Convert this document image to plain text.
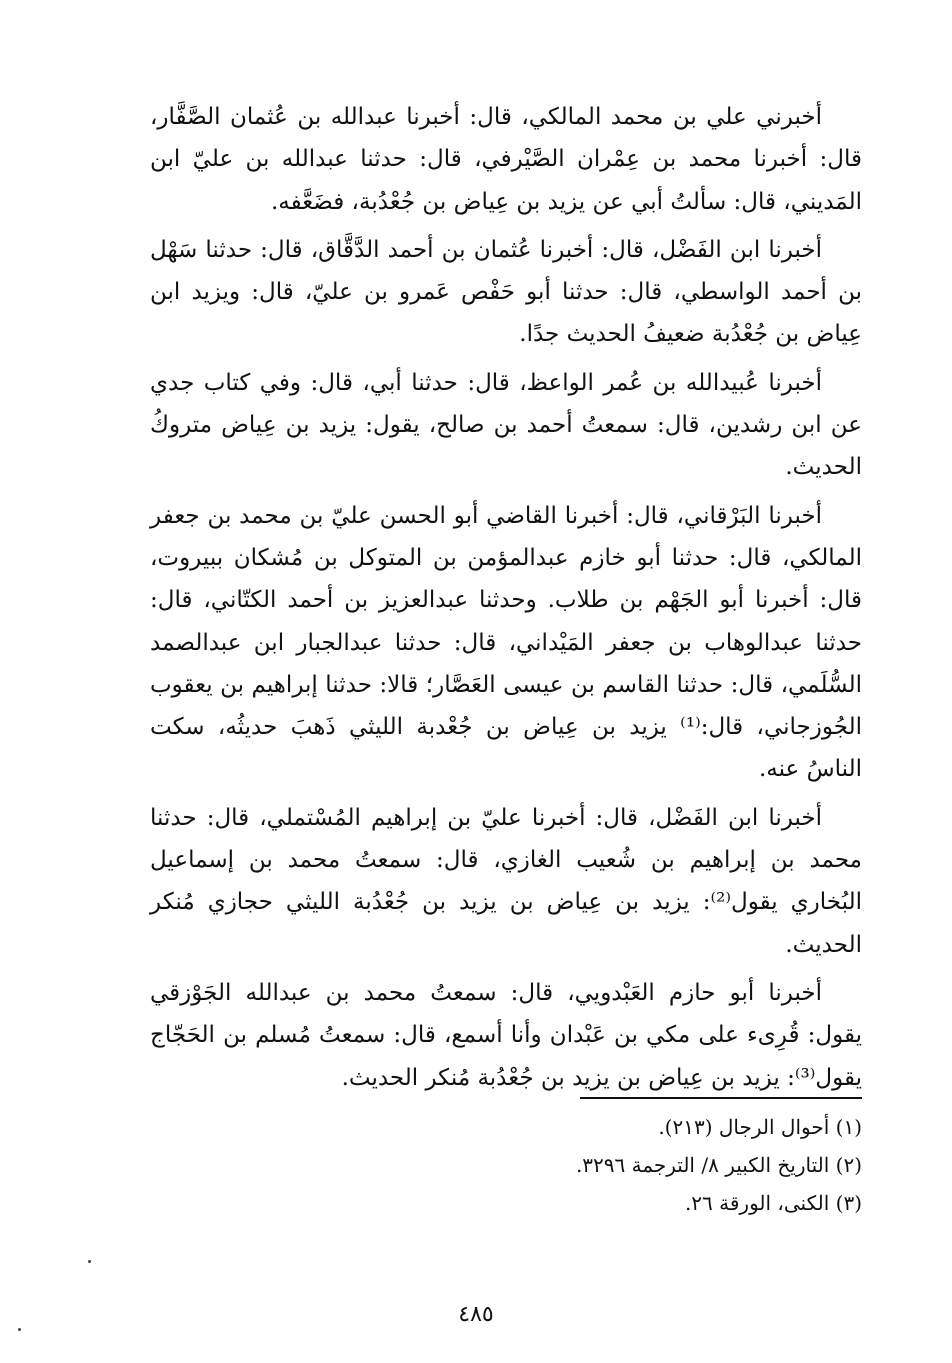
أخبرني علي بن محمد المالكي، قال: أخبرنا عبدالله بن عُثمان الصَّفَّار، قال: أخبرنا محمد بن عِمْران الصَّيْرفي، قال: حدثنا عبدالله بن عليّ ابن المَديني، قال: سألتُ أبي عن يزيد بن عِياض بن جُعْدُبة، فضَعَّفه.

أخبرنا ابن الفَضْل، قال: أخبرنا عُثمان بن أحمد الدَّقَّاق، قال: حدثنا سَهْل بن أحمد الواسطي، قال: حدثنا أبو حَفْص عَمرو بن عليّ، قال: ويزيد ابن عِياض بن جُعْدُبة ضعيفُ الحديث جدًا.

أخبرنا عُبيدالله بن عُمر الواعظ، قال: حدثنا أبي، قال: وفي كتاب جدي عن ابن رشدين، قال: سمعتُ أحمد بن صالح، يقول: يزيد بن عِياض متروكُ الحديث.

أخبرنا البَرْقاني، قال: أخبرنا القاضي أبو الحسن عليّ بن محمد بن جعفر المالكي، قال: حدثنا أبو خازم عبدالمؤمن بن المتوكل بن مُشكان ببيروت، قال: أخبرنا أبو الجَهْم بن طلاب. وحدثنا عبدالعزيز بن أحمد الكتّاني، قال: حدثنا عبدالوهاب بن جعفر المَيْداني، قال: حدثنا عبدالجبار ابن عبدالصمد السُّلَمي، قال: حدثنا القاسم بن عيسى العَصَّار؛ قالا: حدثنا إبراهيم بن يعقوب الجُوزجاني، قال:⁽¹⁾ يزيد بن عِياض بن جُعْدبة الليثي ذَهبَ حديثُه، سكت الناسُ عنه.

أخبرنا ابن الفَضْل، قال: أخبرنا عليّ بن إبراهيم المُسْتملي، قال: حدثنا محمد بن إبراهيم بن شُعيب الغازي، قال: سمعتُ محمد بن إسماعيل البُخاري يقول⁽²⁾: يزيد بن عِياض بن يزيد بن جُعْدُبة الليثي حجازي مُنكر الحديث.

أخبرنا أبو حازم العَبْدويي، قال: سمعتُ محمد بن عبدالله الجَوْزقي يقول: قُرِىء على مكي بن عَبْدان وأنا أسمع، قال: سمعتُ مُسلم بن الحَجّاج يقول⁽³⁾: يزيد بن عِياض بن يزيد بن جُعْدُبة مُنكر الحديث.

(١) أحوال الرجال (٢١٣).
(٢) التاريخ الكبير ٨/ الترجمة ٣٢٩٦.
(٣) الكنى، الورقة ٢٦.
٤٨٥
